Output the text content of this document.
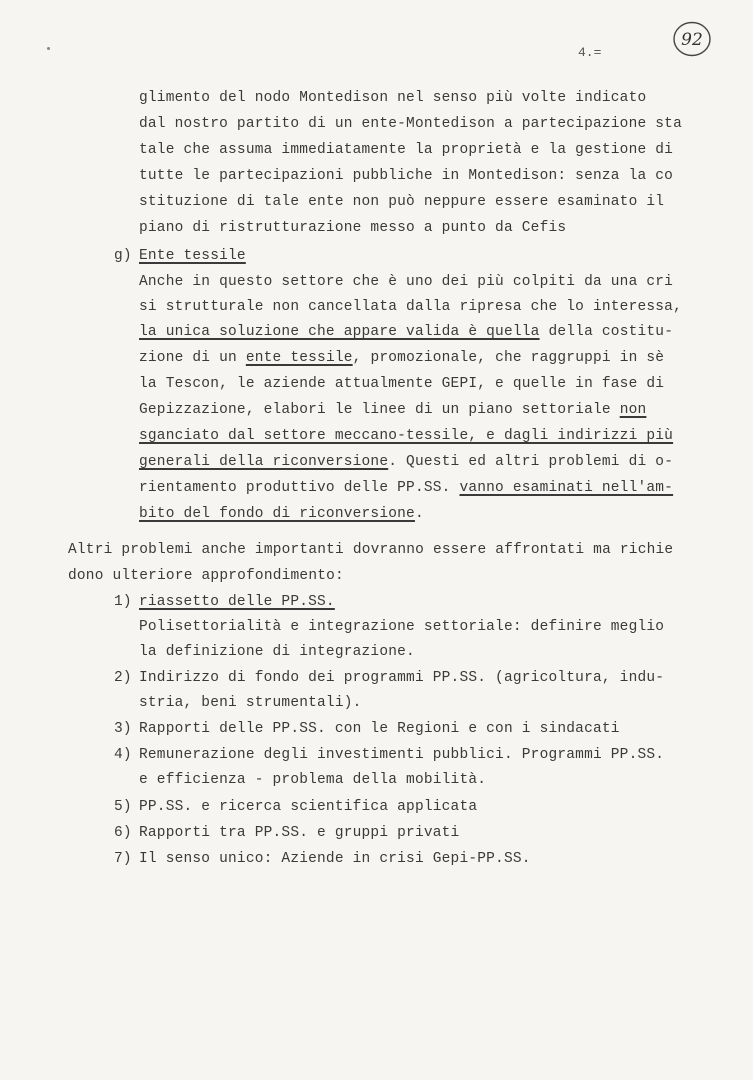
4.=
92
glimento del nodo Montedison nel senso più volte indicato
dal nostro partito di un ente-Montedison a partecipazione sta
tale che assuma immediatamente la proprietà e la gestione di
tutte le partecipazioni pubbliche in Montedison: senza la co
stituzione di tale ente non può neppure essere esaminato il
piano di ristrutturazione messo a punto da Cefis
g) Ente tessile
Anche in questo settore che è uno dei più colpiti da una cri
si strutturale non cancellata dalla ripresa che lo interessa,
la unica soluzione che appare valida è quella della costitu-
zione di un ente tessile, promozionale, che raggruppi in sè
la Tescon, le aziende attualmente GEPI, e quelle in fase di
Gepizzazione, elabori le linee di un piano settoriale non
sganciato dal settore meccano-tessile, e dagli indirizzi più
generali della riconversione. Questi ed altri problemi di o-
rientamento produttivo delle PP.SS. vanno esaminati nell'am-
bito del fondo di riconversione.
Altri problemi anche importanti dovranno essere affrontati ma richie
dono ulteriore approfondimento:
1) riassetto delle PP.SS.
Polisettorialità e integrazione settoriale: definire meglio
la definizione di integrazione.
2) Indirizzo di fondo dei programmi PP.SS. (agricoltura, indu-
stria, beni strumentali).
3) Rapporti delle PP.SS. con le Regioni e con i sindacati
4) Remunerazione degli investimenti pubblici. Programmi PP.SS.
e efficienza - problema della mobilità.
5) PP.SS. e ricerca scientifica applicata
6) Rapporti tra PP.SS. e gruppi privati
7) Il senso unico: Aziende in crisi Gepi-PP.SS.
